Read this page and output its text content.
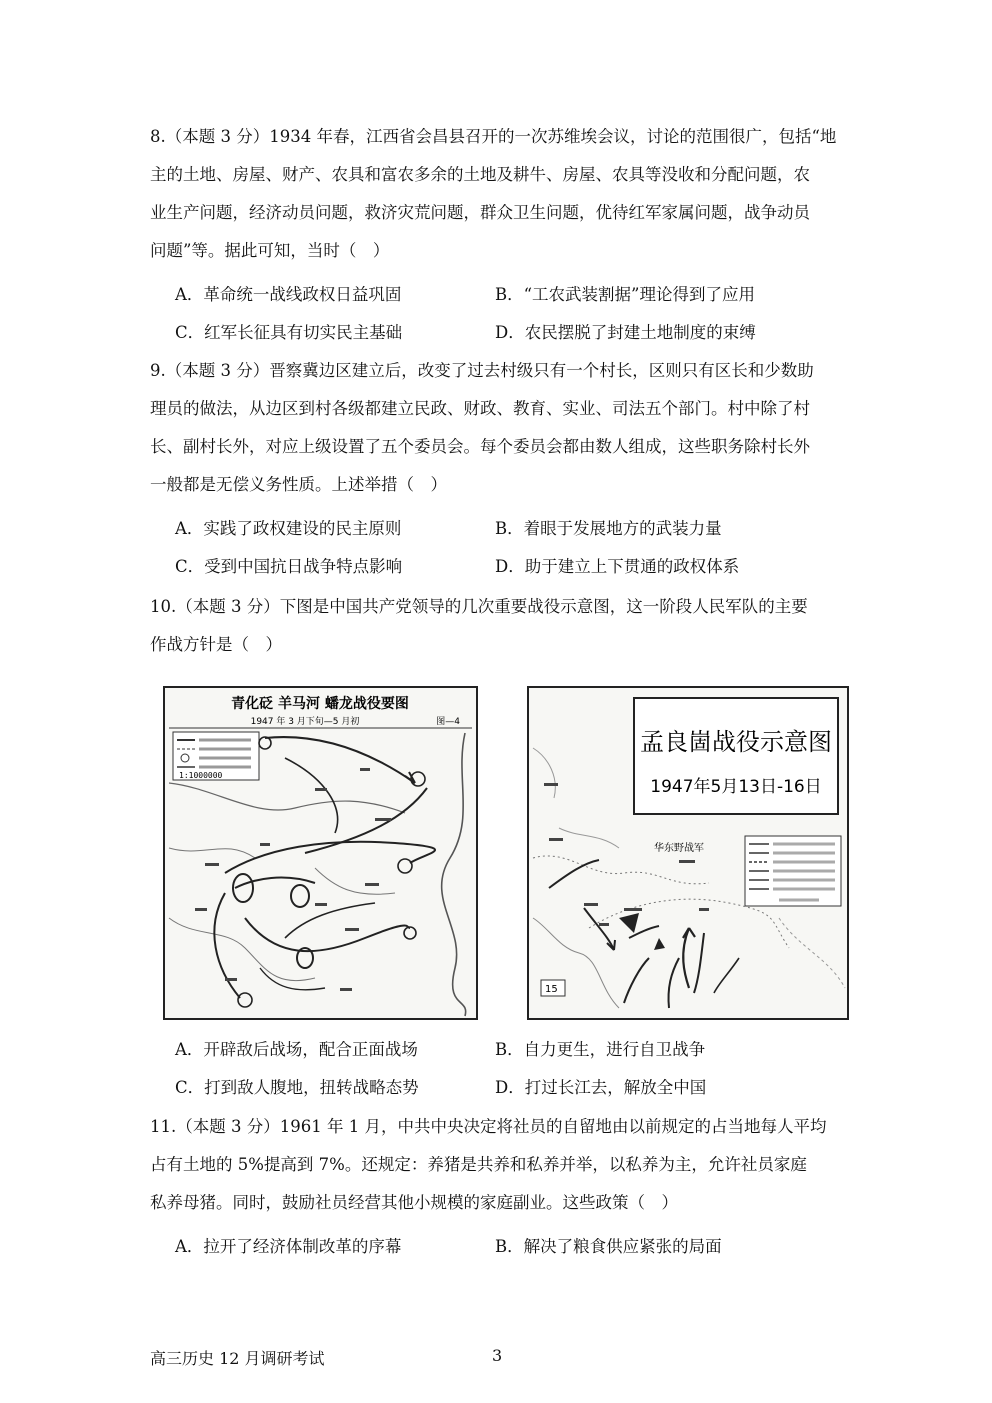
8.（本题 3 分）1934 年春，江西省会昌县召开的一次苏维埃会议，讨论的范围很广，包括“地

主的土地、房屋、财产、农具和富农多余的土地及耕牛、房屋、农具等没收和分配问题，农

业生产问题，经济动员问题，救济灾荒问题，群众卫生问题，优待红军家属问题，战争动员

问题”等。据此可知，当时（　）

A．革命统一战线政权日益巩固	B．“工农武装割据”理论得到了应用
C．红军长征具有切实民主基础	D．农民摆脱了封建土地制度的束缚

9.（本题 3 分）晋察冀边区建立后，改变了过去村级只有一个村长，区则只有区长和少数助

理员的做法，从边区到村各级都建立民政、财政、教育、实业、司法五个部门。村中除了村

长、副村长外，对应上级设置了五个委员会。每个委员会都由数人组成，这些职务除村长外

一般都是无偿义务性质。上述举措（　）

A．实践了政权建设的民主原则	B．着眼于发展地方的武装力量
C．受到中国抗日战争特点影响	D．助于建立上下贯通的政权体系

10.（本题 3 分）下图是中国共产党领导的几次重要战役示意图，这一阶段人民军队的主要

作战方针是（　）

青化砭 羊马河 蟠龙战役要图
1947 年 3 月下旬—5 月初	图—4
1:1000000
孟良崮战役示意图
1947年5月13日-16日
华东野战军
15
A．开辟敌后战场，配合正面战场	B．自力更生，进行自卫战争
C．打到敌人腹地，扭转战略态势	D．打过长江去，解放全中国

11.（本题 3 分）1961 年 1 月，中共中央决定将社员的自留地由以前规定的占当地每人平均

占有土地的 5%提高到 7%。还规定：养猪是共养和私养并举，以私养为主，允许社员家庭

私养母猪。同时，鼓励社员经营其他小规模的家庭副业。这些政策（　）

A．拉开了经济体制改革的序幕	B．解决了粮食供应紧张的局面
高三历史 12 月调研考试	3
